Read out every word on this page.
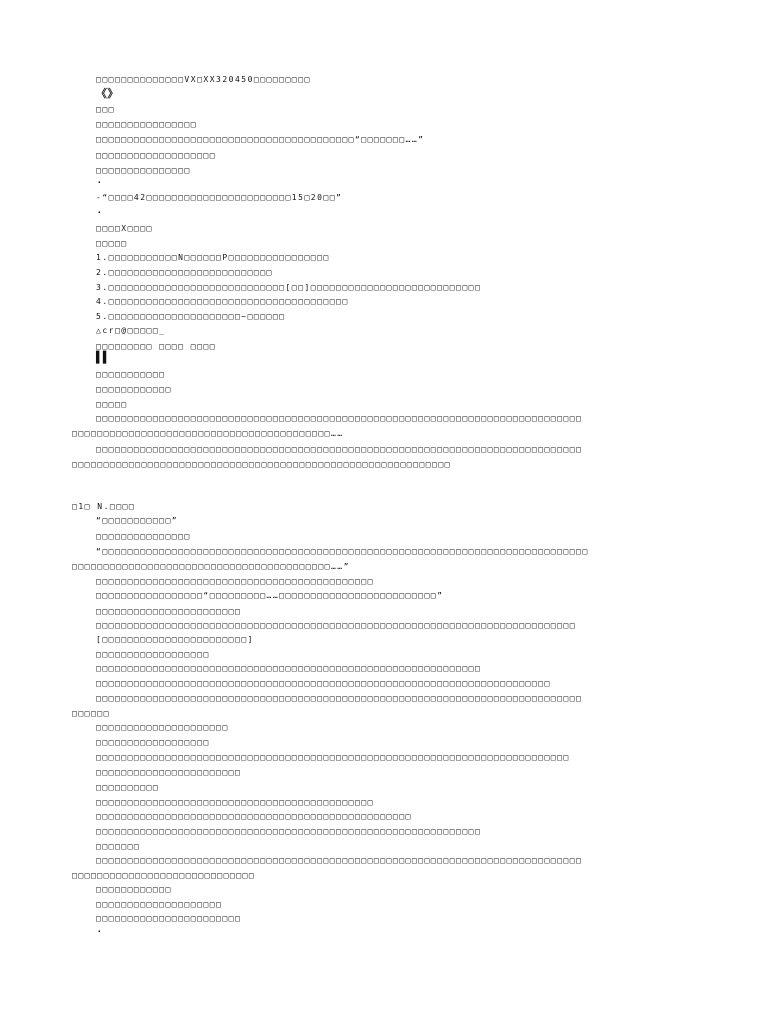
□□□□□□□□□□□□□□VX□XX320450□□□□□□□□□
《》
□□□
□□□□□□□□□□□□□□□□
□□□□□□□□□□□□□□□□□□□□□□□□□□□□□□□□□□□□□□□□□“□□□□□□□……”
□□□□□□□□□□□□□□□□□□□
□□□□□□□□□□□□□□□
·
-“□□□□42□□□□□□□□□□□□□□□□□□□□□□□15□20□□”
·
□□□□X□□□□
□□□□□
1.□□□□□□□□□□□N□□□□□□P□□□□□□□□□□□□□□□□
2.□□□□□□□□□□□□□□□□□□□□□□□□□□
3.□□□□□□□□□□□□□□□□□□□□□□□□□□□□[□□]□□□□□□□□□□□□□□□□□□□□□□□□□□□
4.□□□□□□□□□□□□□□□□□□□□□□□□□□□□□□□□□□□□□□
5.□□□□□□□□□□□□□□□□□□□□□~□□□□□□
△cr□@□□□□□_
□□□□□□□□□ □□□□ □□□□
▌▌
□□□□□□□□□□□
□□□□□□□□□□□□
□□□□□
□□□□□□□□□□□□□□□□□□□□□□□□□□□□□□□□□□□□□□□□□□□□□□□□□□□□□□□□□□□□□□□□□□□□□□□□□□□□□
□□□□□□□□□□□□□□□□□□□□□□□□□□□□□□□□□□□□□□□□□……
□□□□□□□□□□□□□□□□□□□□□□□□□□□□□□□□□□□□□□□□□□□□□□□□□□□□□□□□□□□□□□□□□□□□□□□□□□□□□
□□□□□□□□□□□□□□□□□□□□□□□□□□□□□□□□□□□□□□□□□□□□□□□□□□□□□□□□□□□□
□1□ N.□□□□
“□□□□□□□□□□□”
□□□□□□□□□□□□□□□
“□□□□□□□□□□□□□□□□□□□□□□□□□□□□□□□□□□□□□□□□□□□□□□□□□□□□□□□□□□□□□□□□□□□□□□□□□□□□□
□□□□□□□□□□□□□□□□□□□□□□□□□□□□□□□□□□□□□□□□□……”
□□□□□□□□□□□□□□□□□□□□□□□□□□□□□□□□□□□□□□□□□□□□
□□□□□□□□□□□□□□□□□“□□□□□□□□□……□□□□□□□□□□□□□□□□□□□□□□□□□”
□□□□□□□□□□□□□□□□□□□□□□□
□□□□□□□□□□□□□□□□□□□□□□□□□□□□□□□□□□□□□□□□□□□□□□□□□□□□□□□□□□□□□□□□□□□□□□□□□□□□
[□□□□□□□□□□□□□□□□□□□□□□□]
□□□□□□□□□□□□□□□□□□
□□□□□□□□□□□□□□□□□□□□□□□□□□□□□□□□□□□□□□□□□□□□□□□□□□□□□□□□□□□□□
□□□□□□□□□□□□□□□□□□□□□□□□□□□□□□□□□□□□□□□□□□□□□□□□□□□□□□□□□□□□□□□□□□□□□□□□
□□□□□□□□□□□□□□□□□□□□□□□□□□□□□□□□□□□□□□□□□□□□□□□□□□□□□□□□□□□□□□□□□□□□□□□□□□□□□
□□□□□□
□□□□□□□□□□□□□□□□□□□□□
□□□□□□□□□□□□□□□□□□
□□□□□□□□□□□□□□□□□□□□□□□□□□□□□□□□□□□□□□□□□□□□□□□□□□□□□□□□□□□□□□□□□□□□□□□□□□□
□□□□□□□□□□□□□□□□□□□□□□□
□□□□□□□□□□
□□□□□□□□□□□□□□□□□□□□□□□□□□□□□□□□□□□□□□□□□□□□
□□□□□□□□□□□□□□□□□□□□□□□□□□□□□□□□□□□□□□□□□□□□□□□□□□
□□□□□□□□□□□□□□□□□□□□□□□□□□□□□□□□□□□□□□□□□□□□□□□□□□□□□□□□□□□□□
□□□□□□□
□□□□□□□□□□□□□□□□□□□□□□□□□□□□□□□□□□□□□□□□□□□□□□□□□□□□□□□□□□□□□□□□□□□□□□□□□□□□□
□□□□□□□□□□□□□□□□□□□□□□□□□□□□□
□□□□□□□□□□□□
□□□□□□□□□□□□□□□□□□□□
□□□□□□□□□□□□□□□□□□□□□□□
·
